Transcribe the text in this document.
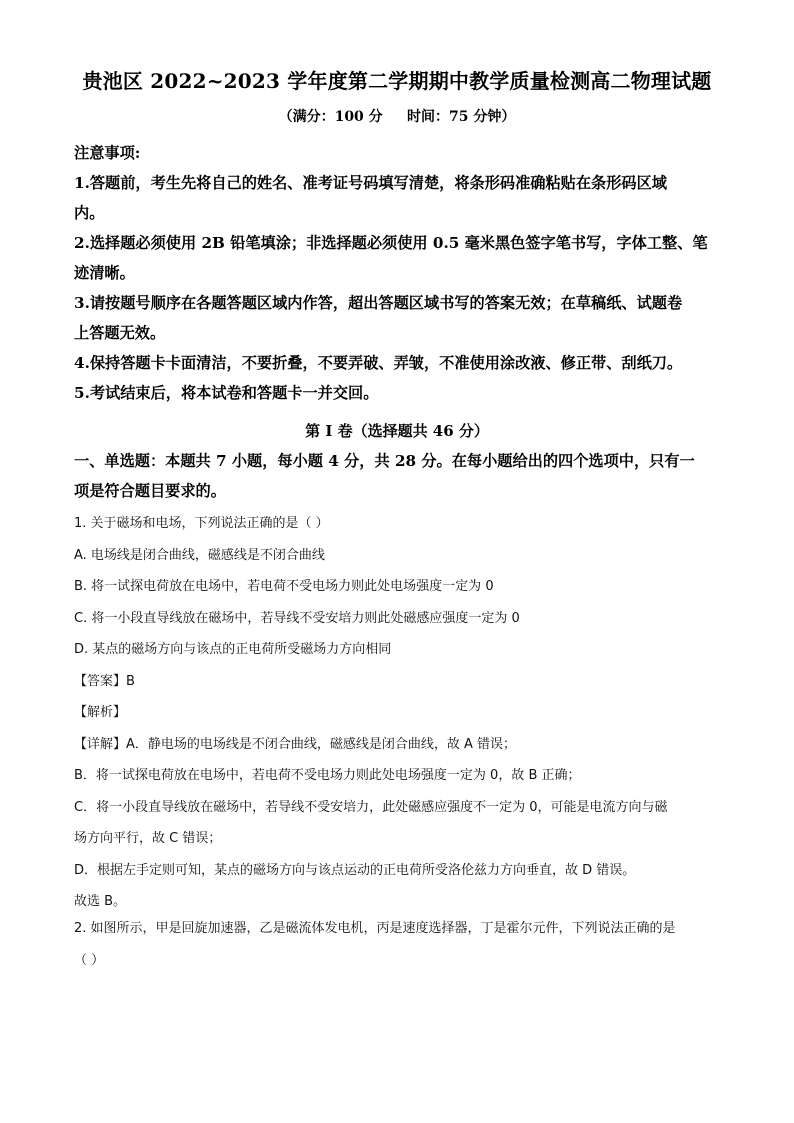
贵池区 2022~2023 学年度第二学期期中教学质量检测高二物理试题
（满分：100 分     时间：75 分钟）
注意事项:
1.答题前，考生先将自己的姓名、准考证号码填写清楚，将条形码准确粘贴在条形码区域
内。
2.选择题必须使用 2B 铅笔填涂；非选择题必须使用 0.5 毫米黑色签字笔书写，字体工整、笔
迹清晰。
3.请按题号顺序在各题答题区域内作答，超出答题区域书写的答案无效；在草稿纸、试题卷
上答题无效。
4.保持答题卡卡面清洁，不要折叠，不要弄破、弄皱，不准使用涂改液、修正带、刮纸刀。
5.考试结束后，将本试卷和答题卡一并交回。
第 I 卷（选择题共 46 分）
一、单选题：本题共 7 小题，每小题 4 分，共 28 分。在每小题给出的四个选项中，只有一
项是符合题目要求的。
1. 关于磁场和电场，下列说法正确的是（ ）
A. 电场线是闭合曲线，磁感线是不闭合曲线
B. 将一试探电荷放在电场中，若电荷不受电场力则此处电场强度一定为 0
C. 将一小段直导线放在磁场中，若导线不受安培力则此处磁感应强度一定为 0
D. 某点的磁场方向与该点的正电荷所受磁场力方向相同
【答案】B
【解析】
【详解】A．静电场的电场线是不闭合曲线，磁感线是闭合曲线，故 A 错误；
B．将一试探电荷放在电场中，若电荷不受电场力则此处电场强度一定为 0，故 B 正确；
C．将一小段直导线放在磁场中，若导线不受安培力，此处磁感应强度不一定为 0，可能是电流方向与磁
场方向平行，故 C 错误；
D．根据左手定则可知，某点的磁场方向与该点运动的正电荷所受洛伦兹力方向垂直，故 D 错误。
故选 B。
2. 如图所示，甲是回旋加速器，乙是磁流体发电机，丙是速度选择器，丁是霍尔元件，下列说法正确的是
（ ）
